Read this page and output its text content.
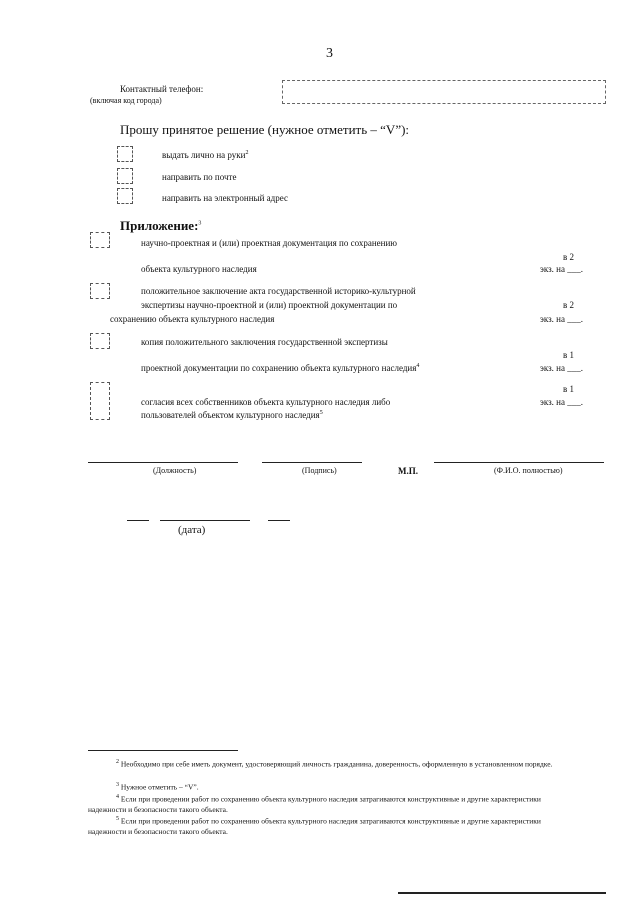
3
Контактный телефон:
(включая код города)
Прошу принятое решение (нужное отметить – “V”):
выдать лично на руки$^2$
направить по почте
направить на электронный адрес
Приложение:$^3$
научно-проектная и (или) проектная документация по сохранению
объекта культурного наследия
в 2
экз. на ___.
положительное заключение акта государственной историко-культурной
экспертизы научно-проектной и (или) проектной документации по
сохранению объекта культурного наследия
в 2
экз. на ___.
копия положительного заключения государственной экспертизы
проектной документации по сохранению объекта культурного наследия$^4$
в 1
экз. на ___.
согласия всех собственников объекта культурного наследия либо
пользователей объектом культурного наследия$^5$
в 1
экз. на ___.
(Должность)	(Подпись)	М.П.	(Ф.И.О. полностью)
(дата)
$^2$ Необходимо при себе иметь документ, удостоверяющий личность гражданина, доверенность, оформленную в установленном порядке.
$^3$ Нужное отметить – “V”.
$^4$ Если при проведении работ по сохранению объекта культурного наследия затрагиваются конструктивные и другие характеристики надежности и безопасности такого объекта.
$^5$ Если при проведении работ по сохранению объекта культурного наследия затрагиваются конструктивные и другие характеристики надежности и безопасности такого объекта.
